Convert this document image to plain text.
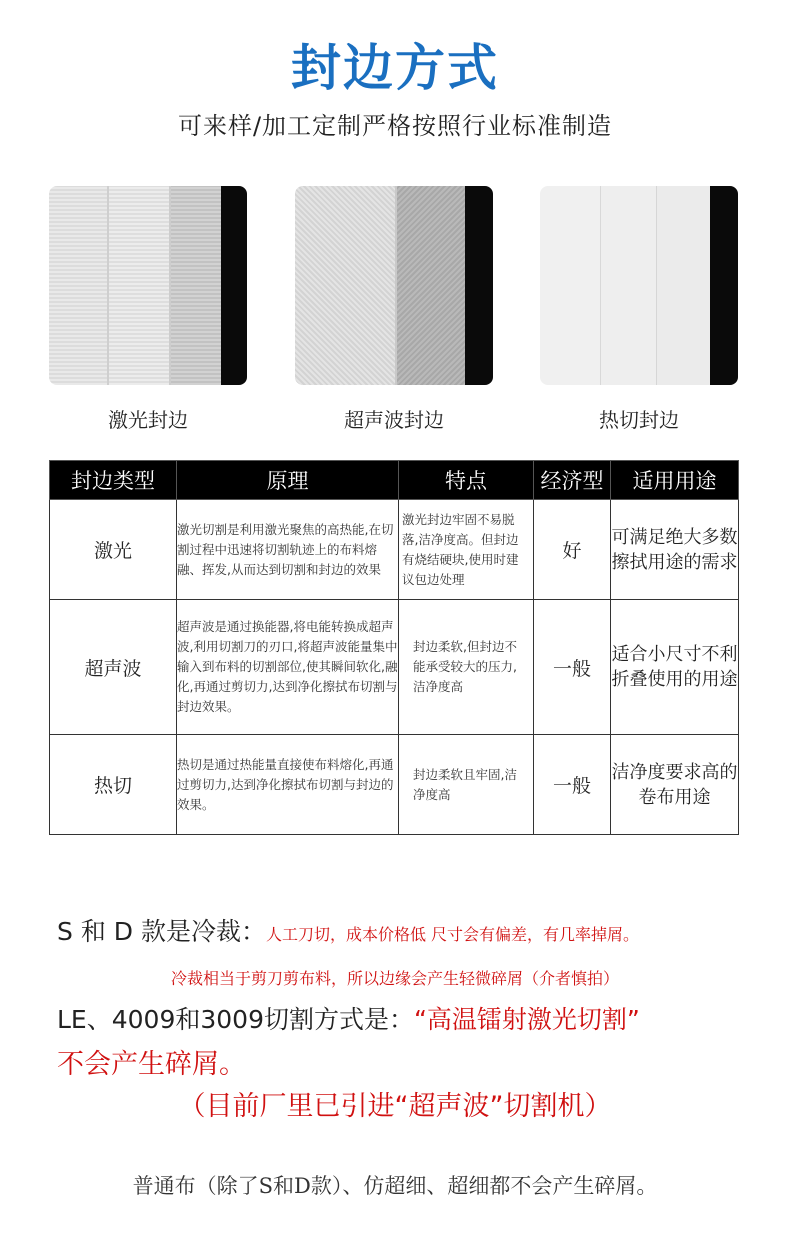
封边方式
可来样/加工定制严格按照行业标准制造
激光封边	超声波封边	热切封边
封边类型	原理	特点	经济型	适用用途
激光	激光切割是利用激光聚焦的高热能,在切割过程中迅速将切割轨迹上的布料熔融、挥发,从而达到切割和封边的效果	激光封边牢固不易脱落,洁净度高。但封边有烧结硬块,使用时建议包边处理	好	可满足绝大多数擦拭用途的需求
超声波	超声波是通过换能器,将电能转换成超声波,利用切割刀的刃口,将超声波能量集中输入到布料的切割部位,使其瞬间软化,融化,再通过剪切力,达到净化擦拭布切割与封边效果。	封边柔软,但封边不能承受较大的压力,洁净度高	一般	适合小尺寸不利折叠使用的用途
热切	热切是通过热能量直接使布料熔化,再通过剪切力,达到净化擦拭布切割与封边的效果。	封边柔软且牢固,洁净度高	一般	洁净度要求高的卷布用途
S 和 D 款是冷裁：人工刀切，成本价格低 尺寸会有偏差，有几率掉屑。
冷裁相当于剪刀剪布料，所以边缘会产生轻微碎屑（介者慎拍）
LE、4009和3009切割方式是：“高温镭射激光切割”
不会产生碎屑。
（目前厂里已引进“超声波”切割机）
普通布（除了S和D款）、仿超细、超细都不会产生碎屑。
